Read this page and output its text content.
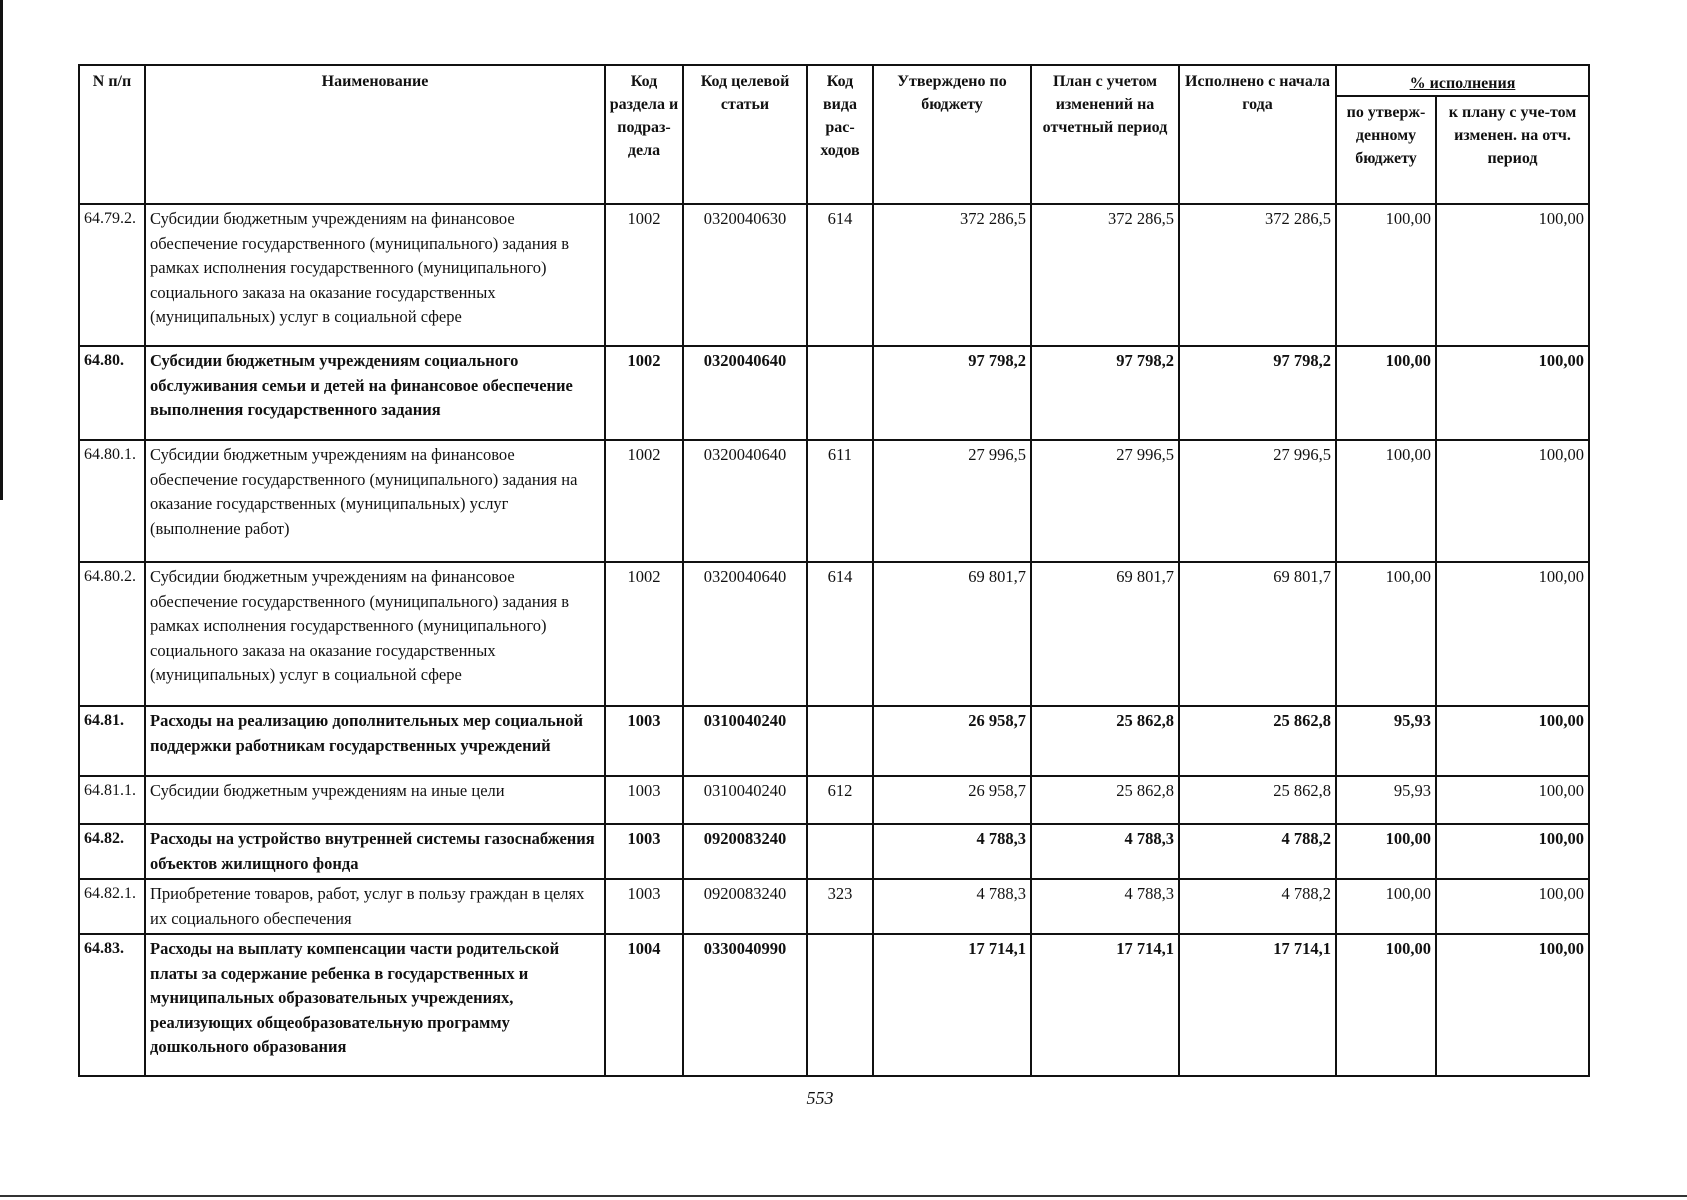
N п/п	Наименование	Код раздела и подраз-дела	Код целевой статьи	Код вида рас-ходов	Утверждено по бюджету	План с учетом изменений на отчетный период	Исполнено с начала года	% исполнения	
								по утверж-денному бюджету	к плану с уче-том изменен. на отч. период
64.79.2.	Субсидии бюджетным учреждениям на финансовое обеспечение государственного (муниципального) задания в рамках исполнения государственного (муниципального) социального заказа на оказание государственных (муниципальных) услуг в социальной сфере	1002	0320040630	614	372 286,5	372 286,5	372 286,5	100,00	100,00
64.80.	Субсидии бюджетным учреждениям социального обслуживания семьи и детей на финансовое обеспечение выполнения государственного задания	1002	0320040640		97 798,2	97 798,2	97 798,2	100,00	100,00
64.80.1.	Субсидии бюджетным учреждениям на финансовое обеспечение государственного (муниципального) задания на оказание государственных (муниципальных) услуг (выполнение работ)	1002	0320040640	611	27 996,5	27 996,5	27 996,5	100,00	100,00
64.80.2.	Субсидии бюджетным учреждениям на финансовое обеспечение государственного (муниципального) задания в рамках исполнения государственного (муниципального) социального заказа на оказание государственных (муниципальных) услуг в социальной сфере	1002	0320040640	614	69 801,7	69 801,7	69 801,7	100,00	100,00
64.81.	Расходы на реализацию дополнительных мер социальной поддержки работникам государственных учреждений	1003	0310040240		26 958,7	25 862,8	25 862,8	95,93	100,00
64.81.1.	Субсидии бюджетным учреждениям на иные цели	1003	0310040240	612	26 958,7	25 862,8	25 862,8	95,93	100,00
64.82.	Расходы на устройство внутренней системы газоснабжения объектов жилищного фонда	1003	0920083240		4 788,3	4 788,3	4 788,2	100,00	100,00
64.82.1.	Приобретение товаров, работ, услуг в пользу граждан в целях их социального обеспечения	1003	0920083240	323	4 788,3	4 788,3	4 788,2	100,00	100,00
64.83.	Расходы на выплату компенсации части родительской платы за содержание ребенка в государственных и муниципальных образовательных учреждениях, реализующих общеобразовательную программу дошкольного образования	1004	0330040990		17 714,1	17 714,1	17 714,1	100,00	100,00
553
